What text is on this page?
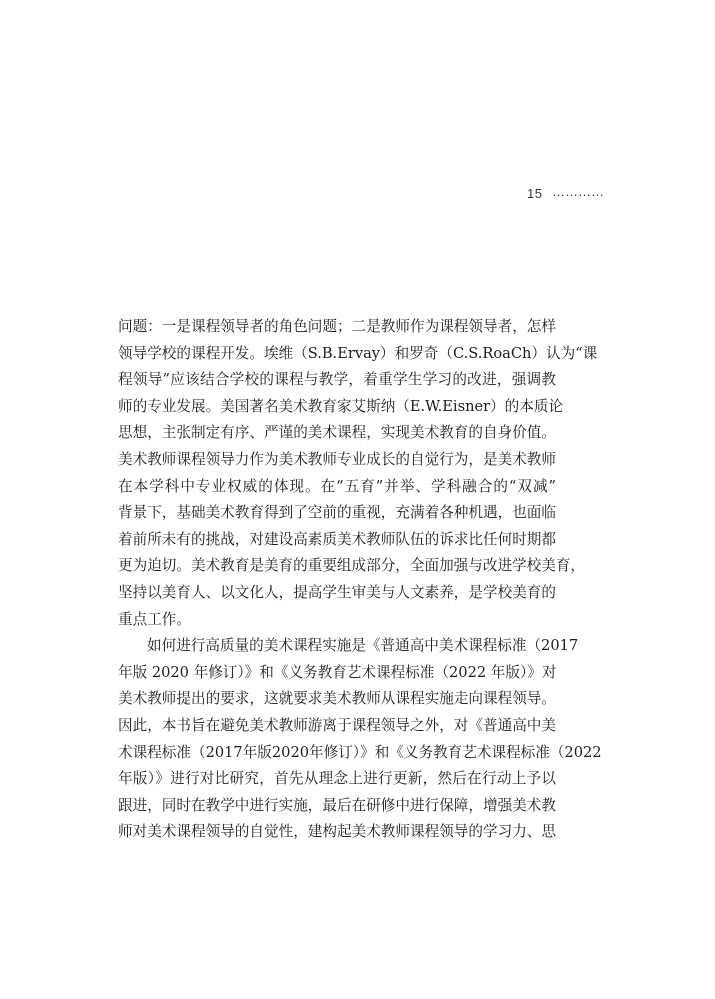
15 …………
问题：一是课程领导者的角色问题；二是教师作为课程领导者，怎样
领导学校的课程开发。埃维（S.B.Ervay）和罗奇（C.S.RoaCh）认为“课
程领导”应该结合学校的课程与教学，着重学生学习的改进，强调教
师的专业发展。美国著名美术教育家艾斯纳（E.W.Eisner）的本质论
思想，主张制定有序、严谨的美术课程，实现美术教育的自身价值。
美术教师课程领导力作为美术教师专业成长的自觉行为，是美术教师
在本学科中专业权威的体现。在“五育”并举、学科融合的“双减”
背景下，基础美术教育得到了空前的重视，充满着各种机遇，也面临
着前所未有的挑战，对建设高素质美术教师队伍的诉求比任何时期都
更为迫切。美术教育是美育的重要组成部分，全面加强与改进学校美育，
坚持以美育人、以文化人，提高学生审美与人文素养，是学校美育的
重点工作。
如何进行高质量的美术课程实施是《普通高中美术课程标准（2017
年版 2020 年修订）》和《义务教育艺术课程标准（2022 年版）》对
美术教师提出的要求，这就要求美术教师从课程实施走向课程领导。
因此，本书旨在避免美术教师游离于课程领导之外，对《普通高中美
术课程标准（2017年版2020年修订）》和《义务教育艺术课程标准（2022
年版）》进行对比研究，首先从理念上进行更新，然后在行动上予以
跟进，同时在教学中进行实施，最后在研修中进行保障，增强美术教
师对美术课程领导的自觉性，建构起美术教师课程领导的学习力、思
